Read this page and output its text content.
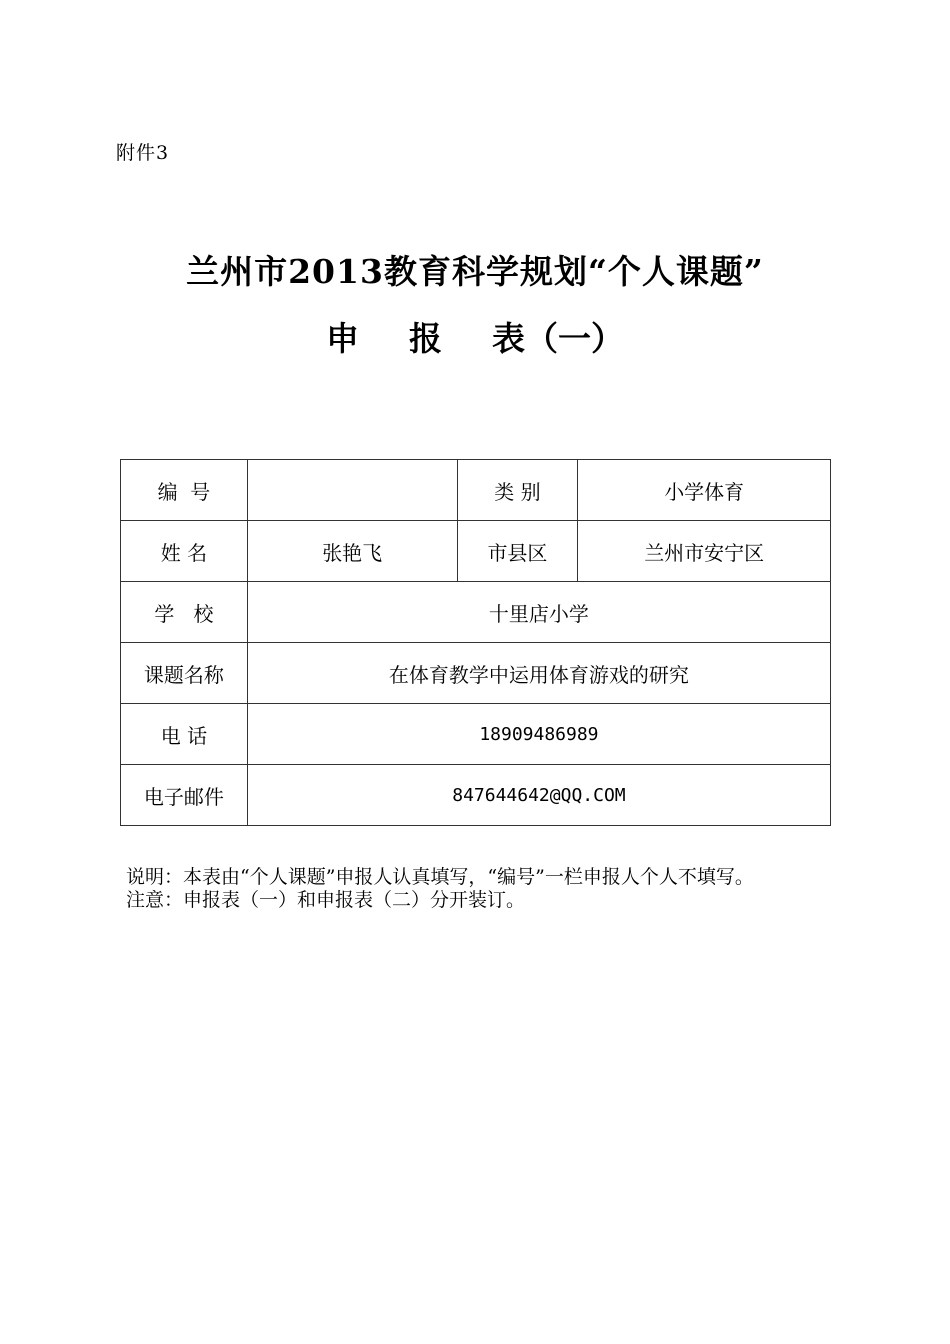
附件3
兰州市2013教育科学规划“个人课题”
申 报 表（一）
编  号		类 别	小学体育
姓 名	张艳飞	市县区	兰州市安宁区
学   校	十里店小学		
课题名称	在体育教学中运用体育游戏的研究		
电 话	18909486989		
电子邮件	847644642@QQ.COM		

说明：本表由“个人课题”申报人认真填写，“编号”一栏申报人个人不填写。

注意：申报表（一）和申报表（二）分开装订。
